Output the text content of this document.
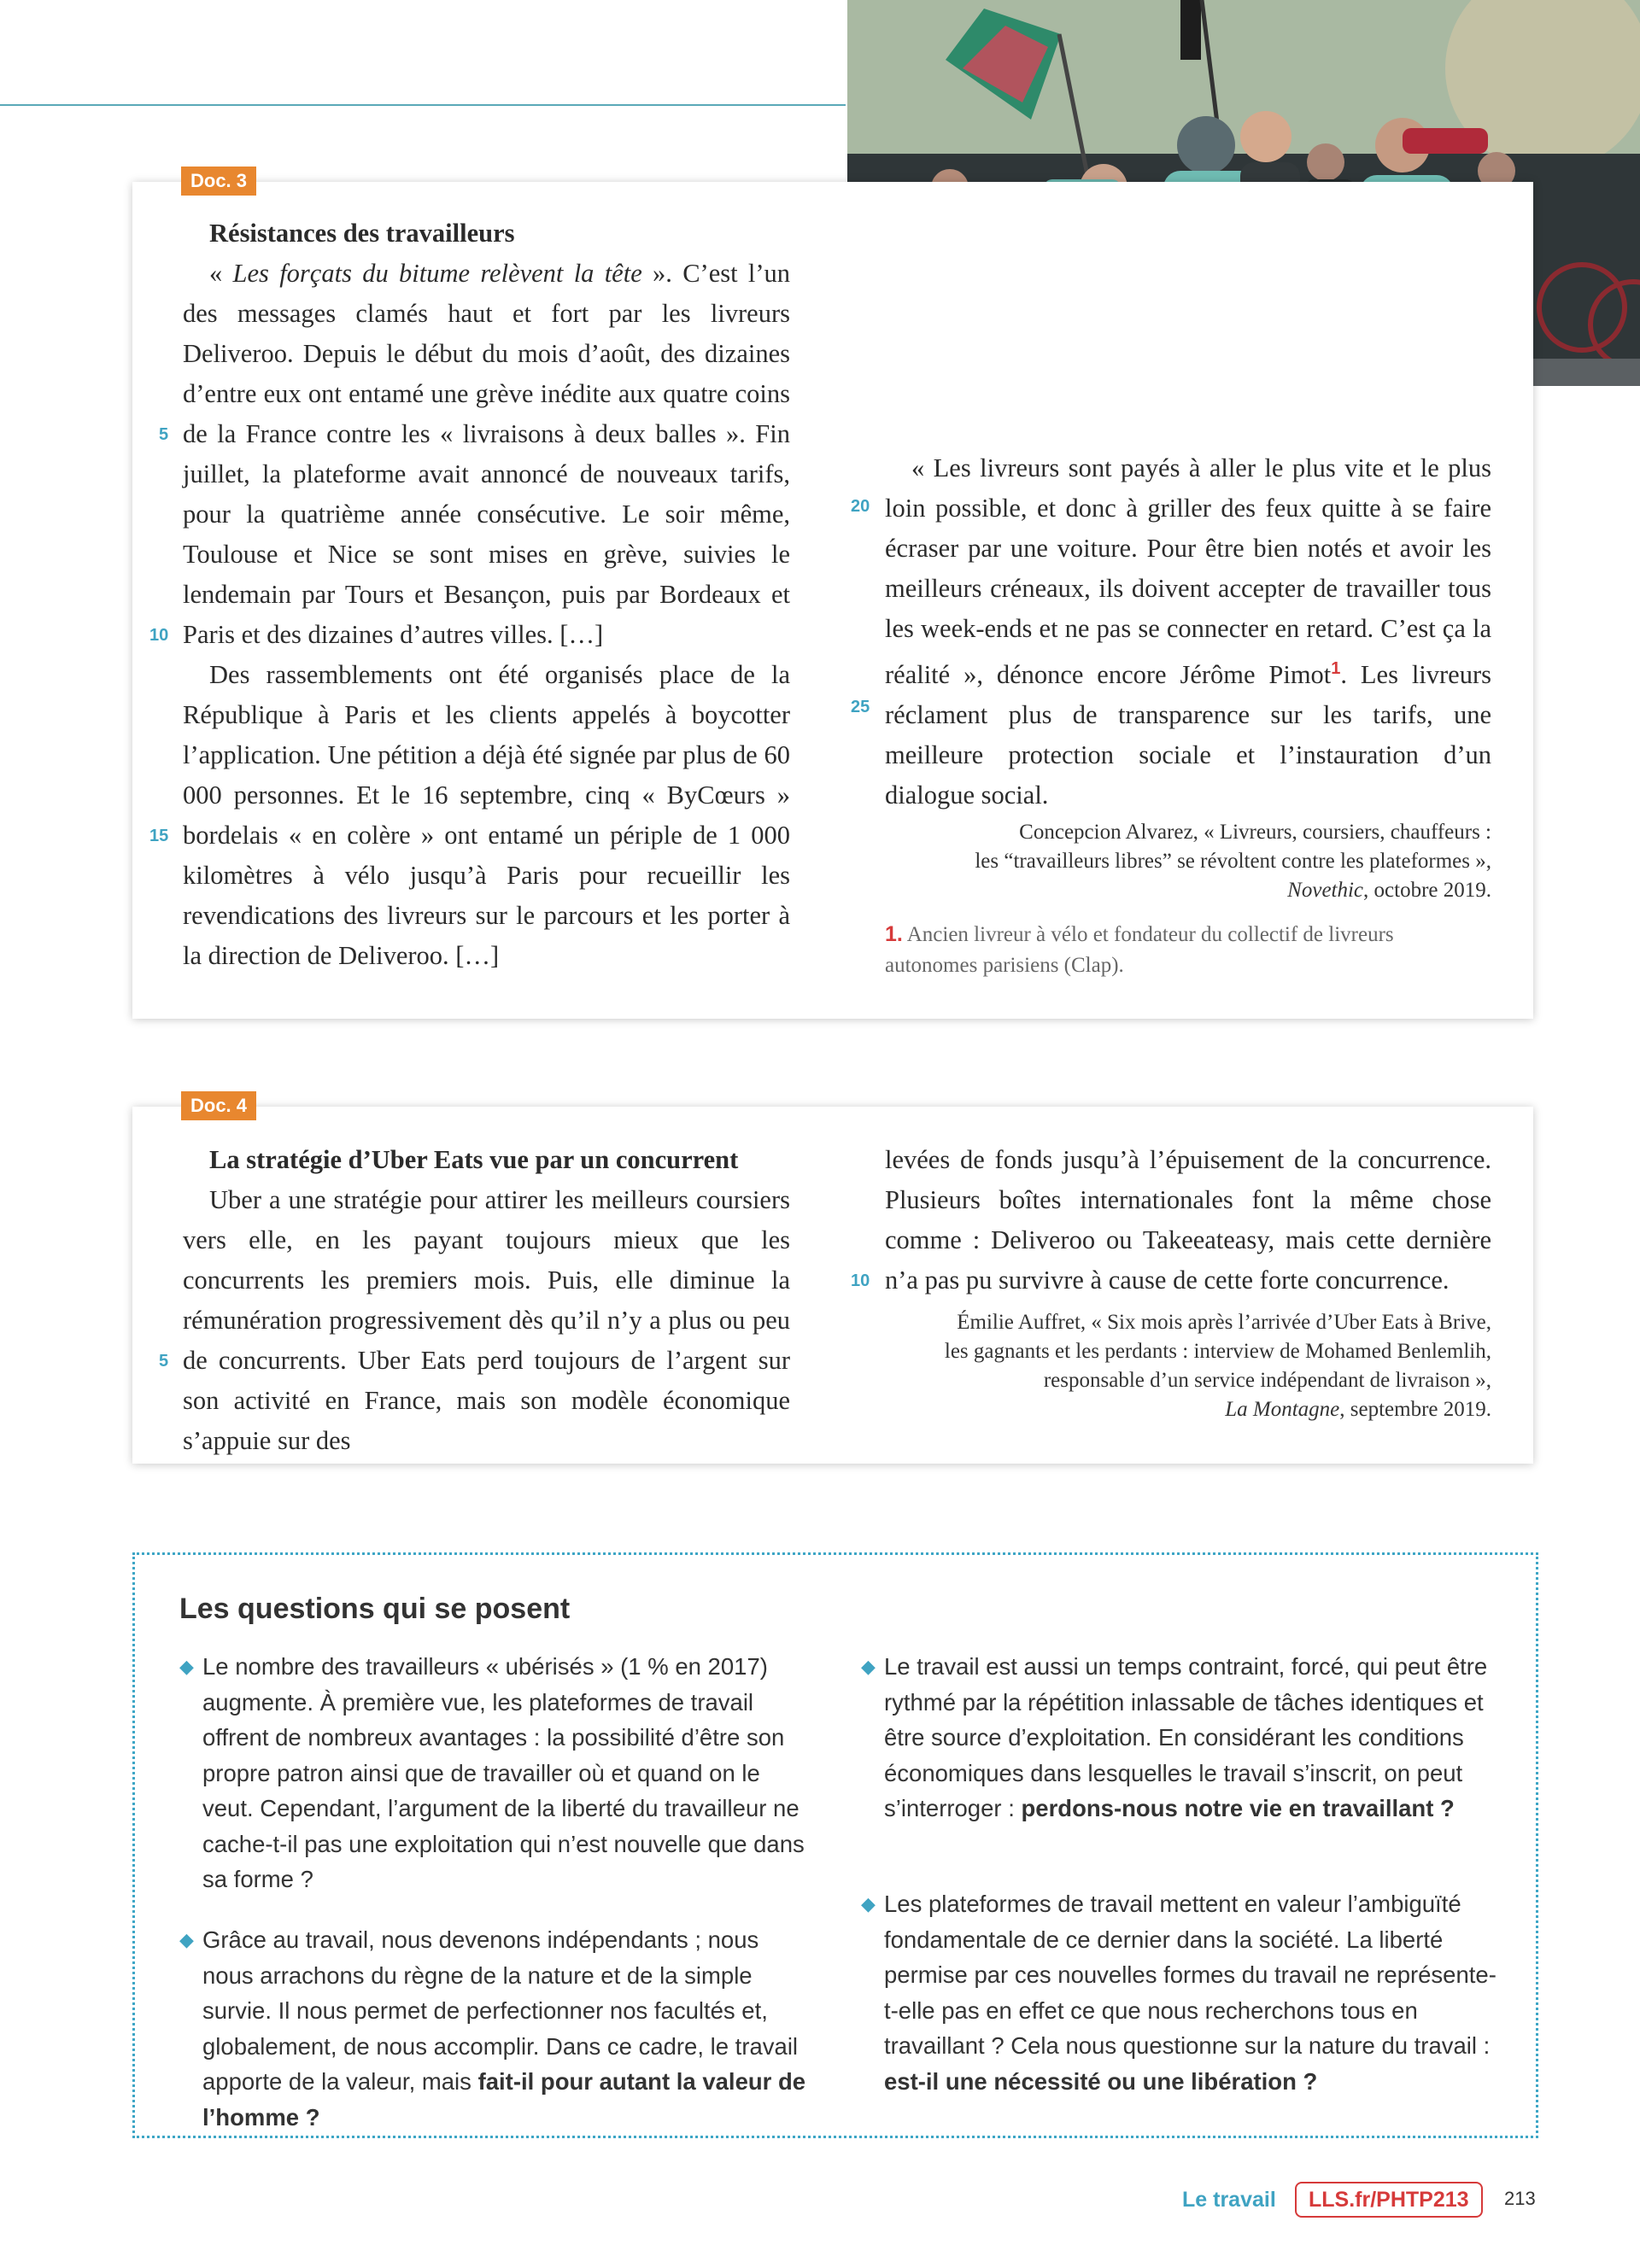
Doc. 3

Résistances des travailleurs

« Les forçats du bitume relèvent la tête ». C’est l’un des messages clamés haut et fort par les livreurs Deliveroo. Depuis le début du mois d’août, des dizaines d’entre eux ont entamé une grève inédite aux quatre coins de la France contre les « livraisons à deux balles ». Fin juillet, la plateforme avait annoncé de nouveaux tarifs, pour la quatrième année consécutive. Le soir même, Toulouse et Nice se sont mises en grève, suivies le lendemain par Tours et Besançon, puis par Bordeaux et Paris et des dizaines d’autres villes. […]

Des rassemblements ont été organisés place de la République à Paris et les clients appelés à boycotter l’application. Une pétition a déjà été signée par plus de 60 000 personnes. Et le 16 septembre, cinq « ByCœurs » bordelais « en colère » ont entamé un périple de 1 000 kilomètres à vélo jusqu’à Paris pour recueillir les revendications des livreurs sur le parcours et les porter à la direction de Deliveroo. […]

5
10
15

« Les livreurs sont payés à aller le plus vite et le plus loin possible, et donc à griller des feux quitte à se faire écraser par une voiture. Pour être bien notés et avoir les meilleurs créneaux, ils doivent accepter de travailler tous les week-ends et ne pas se connecter en retard. C’est ça la réalité », dénonce encore Jérôme Pimot$^1$. Les livreurs réclament plus de transparence sur les tarifs, une meilleure protection sociale et l’instauration d’un dialogue social.

20
25
Concepcion Alvarez, « Livreurs, coursiers, chauffeurs :
les “travailleurs libres” se révoltent contre les plateformes »,
Novethic, octobre 2019.
1. Ancien livreur à vélo et fondateur du collectif de livreurs autonomes parisiens (Clap).
Doc. 4

La stratégie d’Uber Eats vue par un concurrent

Uber a une stratégie pour attirer les meilleurs coursiers vers elle, en les payant toujours mieux que les concurrents les premiers mois. Puis, elle diminue la rémunération progressivement dès qu’il n’y a plus ou peu de concurrents. Uber Eats perd toujours de l’argent sur son activité en France, mais son modèle économique s’appuie sur des

5

levées de fonds jusqu’à l’épuisement de la concurrence. Plusieurs boîtes internationales font la même chose comme : Deliveroo ou Takeeateasy, mais cette dernière n’a pas pu survivre à cause de cette forte concurrence.

10
Émilie Auffret, « Six mois après l’arrivée d’Uber Eats à Brive,
les gagnants et les perdants : interview de Mohamed Benlemlih,
responsable d’un service indépendant de livraison »,
La Montagne, septembre 2019.
Les questions qui se posent
◆ Le nombre des travailleurs « ubérisés » (1 % en 2017) augmente. À première vue, les plateformes de travail offrent de nombreux avantages : la possibilité d’être son propre patron ainsi que de travailler où et quand on le veut. Cependant, l’argument de la liberté du travailleur ne cache-t-il pas une exploitation qui n’est nouvelle que dans sa forme ?
◆ Grâce au travail, nous devenons indépendants ; nous nous arrachons du règne de la nature et de la simple survie. Il nous permet de perfectionner nos facultés et, globalement, de nous accomplir. Dans ce cadre, le travail apporte de la valeur, mais fait-il pour autant la valeur de l’homme ?
◆ Le travail est aussi un temps contraint, forcé, qui peut être rythmé par la répétition inlassable de tâches identiques et être source d’exploitation. En considérant les conditions économiques dans lesquelles le travail s’inscrit, on peut s’interroger : perdons-nous notre vie en travaillant ?
◆ Les plateformes de travail mettent en valeur l’ambiguïté fondamentale de ce dernier dans la société. La liberté permise par ces nouvelles formes du travail ne représente-t-elle pas en effet ce que nous recherchons tous en travaillant ? Cela nous questionne sur la nature du travail : est-il une nécessité ou une libération ?
Le travail	LLS.fr/PHTP213	213
